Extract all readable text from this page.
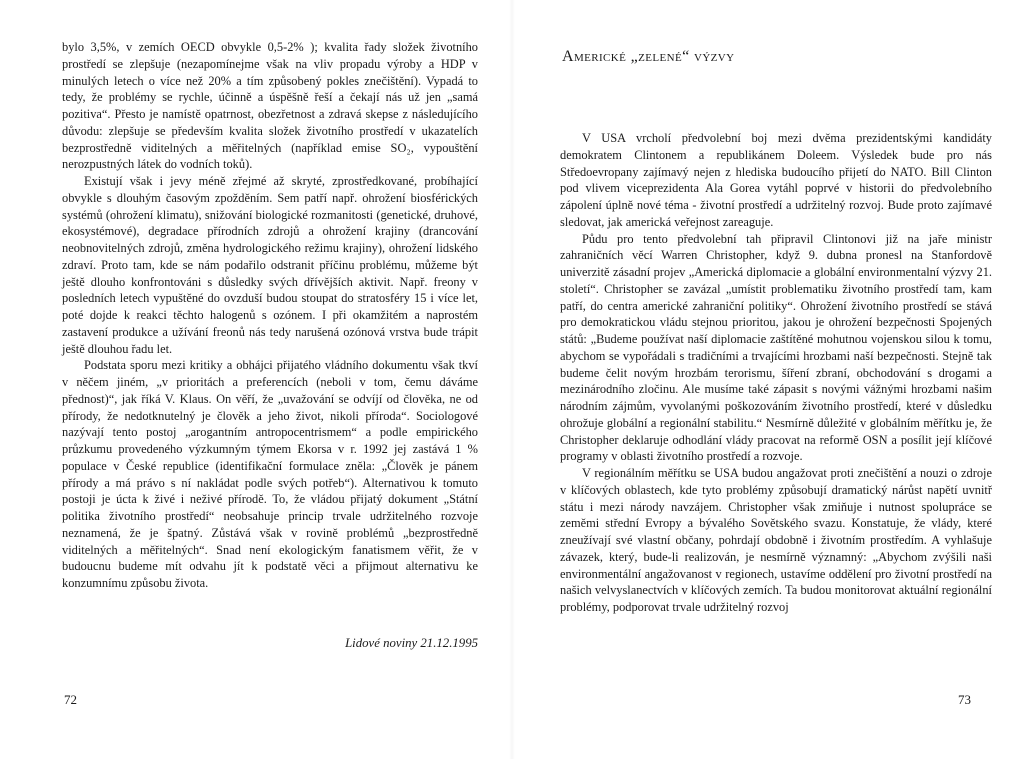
bylo 3,5%, v zemích OECD obvykle 0,5-2% ); kvalita řady složek životního prostředí se zlepšuje (nezapomínejme však na vliv propadu výroby a HDP v minulých letech o více než 20% a tím způsobený pokles znečištění). Vypadá to tedy, že problémy se rychle, účinně a úspěšně řeší a čekají nás už jen „samá pozitiva“. Přesto je namístě opatrnost, obezřetnost a zdravá skepse z následujícího důvodu: zlepšuje se především kvalita složek životního prostředí v ukazatelích bezprostředně viditelných a měřitelných (například emise SO₂, vypouštění nerozpustných látek do vodních toků).

Existují však i jevy méně zřejmé až skryté, zprostředkované, probíhající obvykle s dlouhým časovým zpožděním. Sem patří např. ohrožení biosférických systémů (ohrožení klimatu), snižování biologické rozmanitosti (genetické, druhové, ekosystémové), degradace přírodních zdrojů a ohrožení krajiny (drancování neobnovitelných zdrojů, změna hydrologického režimu krajiny), ohrožení lidského zdraví. Proto tam, kde se nám podařilo odstranit příčinu problému, můžeme být ještě dlouho konfrontováni s důsledky svých dřívějších aktivit. Např. freony v posledních letech vypuštěné do ovzduší budou stoupat do stratosféry 15 i více let, poté dojde k reakci těchto halogenů s ozónem. I při okamžitém a naprostém zastavení produkce a užívání freonů nás tedy narušená ozónová vrstva bude trápit ještě dlouhou řadu let.

Podstata sporu mezi kritiky a obhájci přijatého vládního dokumentu však tkví v něčem jiném, „v prioritách a preferencích (neboli v tom, čemu dáváme přednost)“, jak říká V. Klaus. On věří, že „uvažování se odvíjí od člověka, ne od přírody, že nedotknutelný je člověk a jeho život, nikoli příroda“. Sociologové nazývají tento postoj „arogantním antropocentrismem“ a podle empirického průzkumu provedeného výzkumným týmem Ekorsa v r. 1992 jej zastává 1 % populace v České republice (identifikační formulace zněla: „Člověk je pánem přírody a má právo s ní nakládat podle svých potřeb“). Alternativou k tomuto postoji je úcta k živé i neživé přírodě. To, že vládou přijatý dokument „Státní politika životního prostředí“ neobsahuje princip trvale udržitelného rozvoje neznamená, že je špatný. Zůstává však v rovině problémů „bezprostředně viditelných a měřitelných“. Snad není ekologickým fanatismem věřit, že v budoucnu budeme mít odvahu jít k podstatě věci a přijmout alternativu ke konzumnímu způsobu života.

Lidové noviny 21.12.1995
72
Americké „zelené“ výzvy

V USA vrcholí předvolební boj mezi dvěma prezidentskými kandidáty demokratem Clintonem a republikánem Doleem. Výsledek bude pro nás Středoevropany zajímavý nejen z hlediska budoucího přijetí do NATO. Bill Clinton pod vlivem viceprezidenta Ala Gorea vytáhl poprvé v historii do předvolebního zápolení úplně nové téma - životní prostředí a udržitelný rozvoj. Bude proto zajímavé sledovat, jak americká veřejnost zareaguje.

Půdu pro tento předvolební tah připravil Clintonovi již na jaře ministr zahraničních věcí Warren Christopher, když 9. dubna pronesl na Stanfordově univerzitě zásadní projev „Americká diplomacie a globální environmentalní výzvy 21. století“. Christopher se zavázal „umístit problematiku životního prostředí tam, kam patří, do centra americké zahraniční politiky“. Ohrožení životního prostředí se stává pro demokratickou vládu stejnou prioritou, jakou je ohrožení bezpečnosti Spojených států: „Budeme používat naší diplomacie zaštítěné mohutnou vojenskou silou k tomu, abychom se vypořádali s tradičními a trvajícími hrozbami naší bezpečnosti. Stejně tak budeme čelit novým hrozbám terorismu, šíření zbraní, obchodování s drogami a mezinárodního zločinu. Ale musíme také zápasit s novými vážnými hrozbami našim národním zájmům, vyvolanými poškozováním životního prostředí, které v důsledku ohrožuje globální a regionální stabilitu.“ Nesmírně důležité v globálním měřítku je, že Christopher deklaruje odhodlání vlády pracovat na reformě OSN a posílit její klíčové programy v oblasti životního prostředí a rozvoje.

V regionálním měřítku se USA budou angažovat proti znečištění a nouzi o zdroje v klíčových oblastech, kde tyto problémy způsobují dramatický nárůst napětí uvnitř státu i mezi národy navzájem. Christopher však zmiňuje i nutnost spolupráce se zeměmi střední Evropy a bývalého Sovětského svazu. Konstatuje, že vlády, které zneužívají své vlastní občany, pohrdají obdobně i životním prostředím. A vyhlašuje závazek, který, bude-li realizován, je nesmírně významný: „Abychom zvýšili naši environmentální angažovanost v regionech, ustavíme oddělení pro životní prostředí na našich velvyslanectvích v klíčových zemích. Ta budou monitorovat aktuální regionální problémy, podporovat trvale udržitelný rozvoj

73
